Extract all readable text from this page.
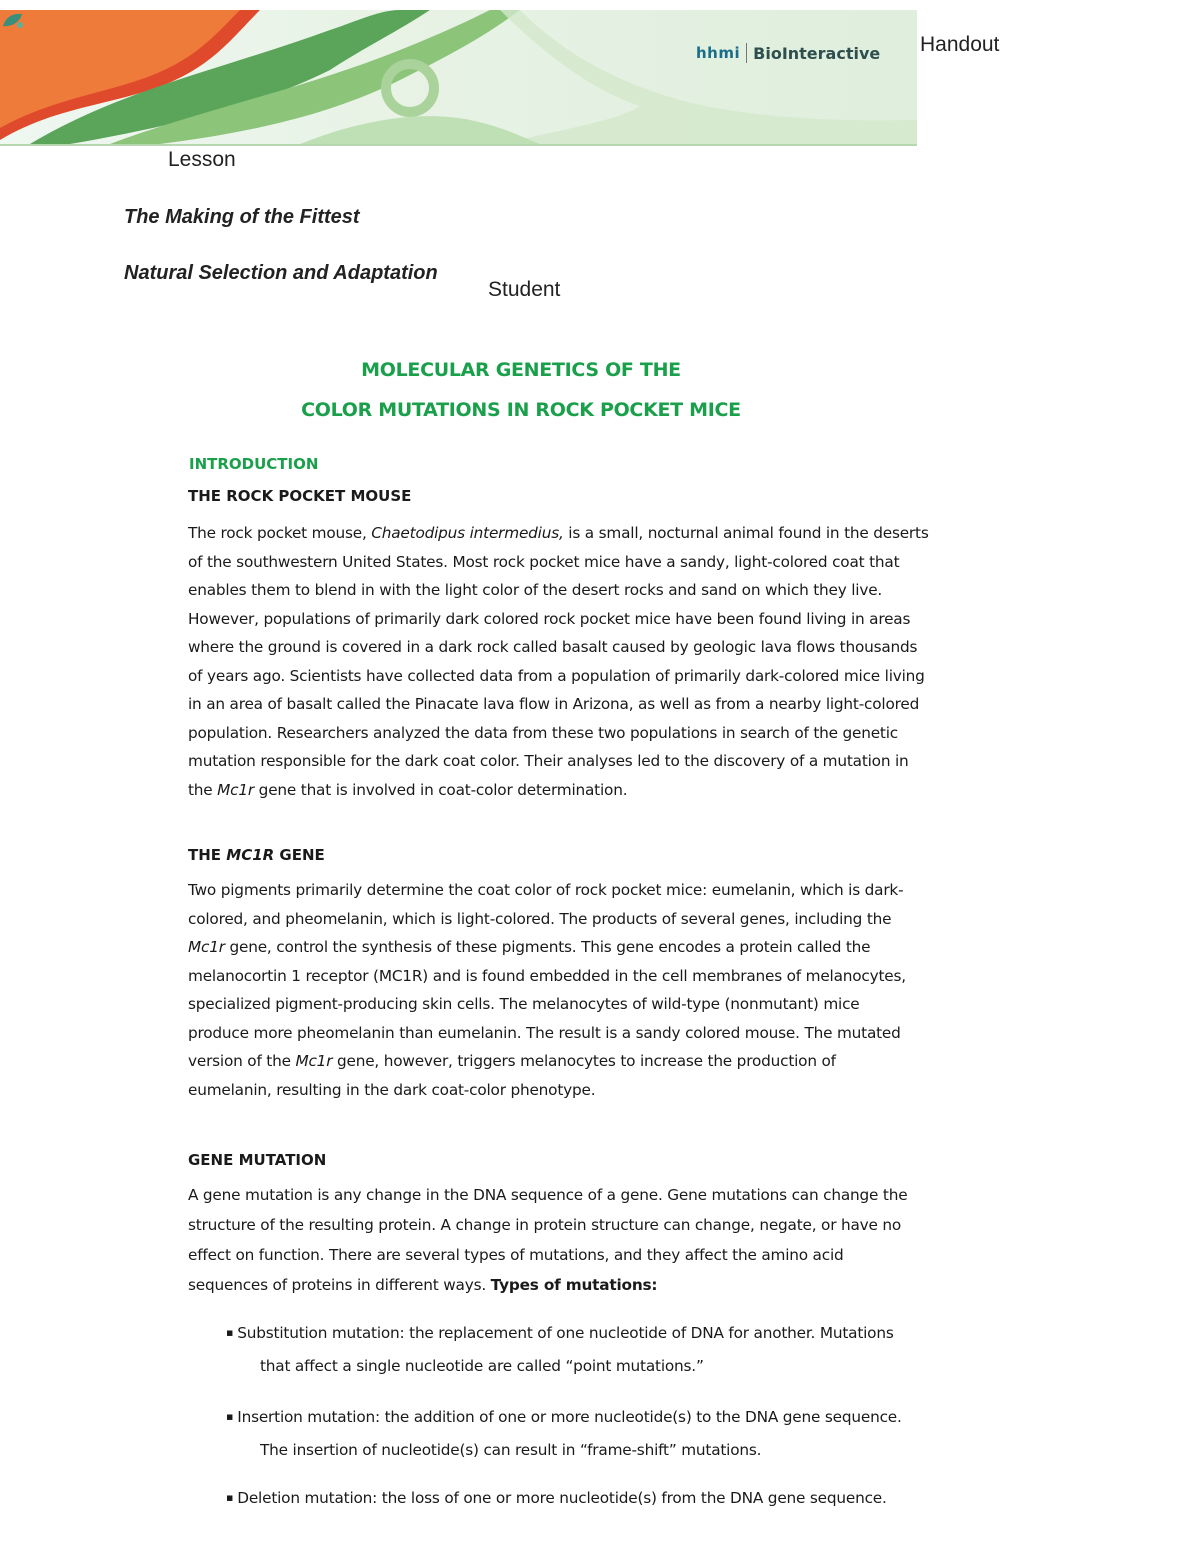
hhmi BioInteractive Handout
Lesson
The Making of the Fittest
Natural Selection and Adaptation
Student
MOLECULAR GENETICS OF THE
COLOR MUTATIONS IN ROCK POCKET MICE
INTRODUCTION
THE ROCK POCKET MOUSE
The rock pocket mouse, Chaetodipus intermedius, is a small, nocturnal animal found in the deserts
of the southwestern United States. Most rock pocket mice have a sandy, light-colored coat that
enables them to blend in with the light color of the desert rocks and sand on which they live.
However, populations of primarily dark colored rock pocket mice have been found living in areas
where the ground is covered in a dark rock called basalt caused by geologic lava flows thousands
of years ago. Scientists have collected data from a population of primarily dark-colored mice living
in an area of basalt called the Pinacate lava flow in Arizona, as well as from a nearby light-colored
population. Researchers analyzed the data from these two populations in search of the genetic
mutation responsible for the dark coat color. Their analyses led to the discovery of a mutation in
the Mc1r gene that is involved in coat-color determination.
THE MC1R GENE
Two pigments primarily determine the coat color of rock pocket mice: eumelanin, which is dark-
colored, and pheomelanin, which is light-colored. The products of several genes, including the
Mc1r gene, control the synthesis of these pigments. This gene encodes a protein called the
melanocortin 1 receptor (MC1R) and is found embedded in the cell membranes of melanocytes,
specialized pigment-producing skin cells. The melanocytes of wild-type (nonmutant) mice
produce more pheomelanin than eumelanin. The result is a sandy colored mouse. The mutated
version of the Mc1r gene, however, triggers melanocytes to increase the production of
eumelanin, resulting in the dark coat-color phenotype.
GENE MUTATION
A gene mutation is any change in the DNA sequence of a gene. Gene mutations can change the
structure of the resulting protein. A change in protein structure can change, negate, or have no
effect on function. There are several types of mutations, and they affect the amino acid
sequences of proteins in different ways. Types of mutations:
▪ Substitution mutation: the replacement of one nucleotide of DNA for another. Mutations
that affect a single nucleotide are called “point mutations.”
▪ Insertion mutation: the addition of one or more nucleotide(s) to the DNA gene sequence.
The insertion of nucleotide(s) can result in “frame-shift” mutations.
▪ Deletion mutation: the loss of one or more nucleotide(s) from the DNA gene sequence.
